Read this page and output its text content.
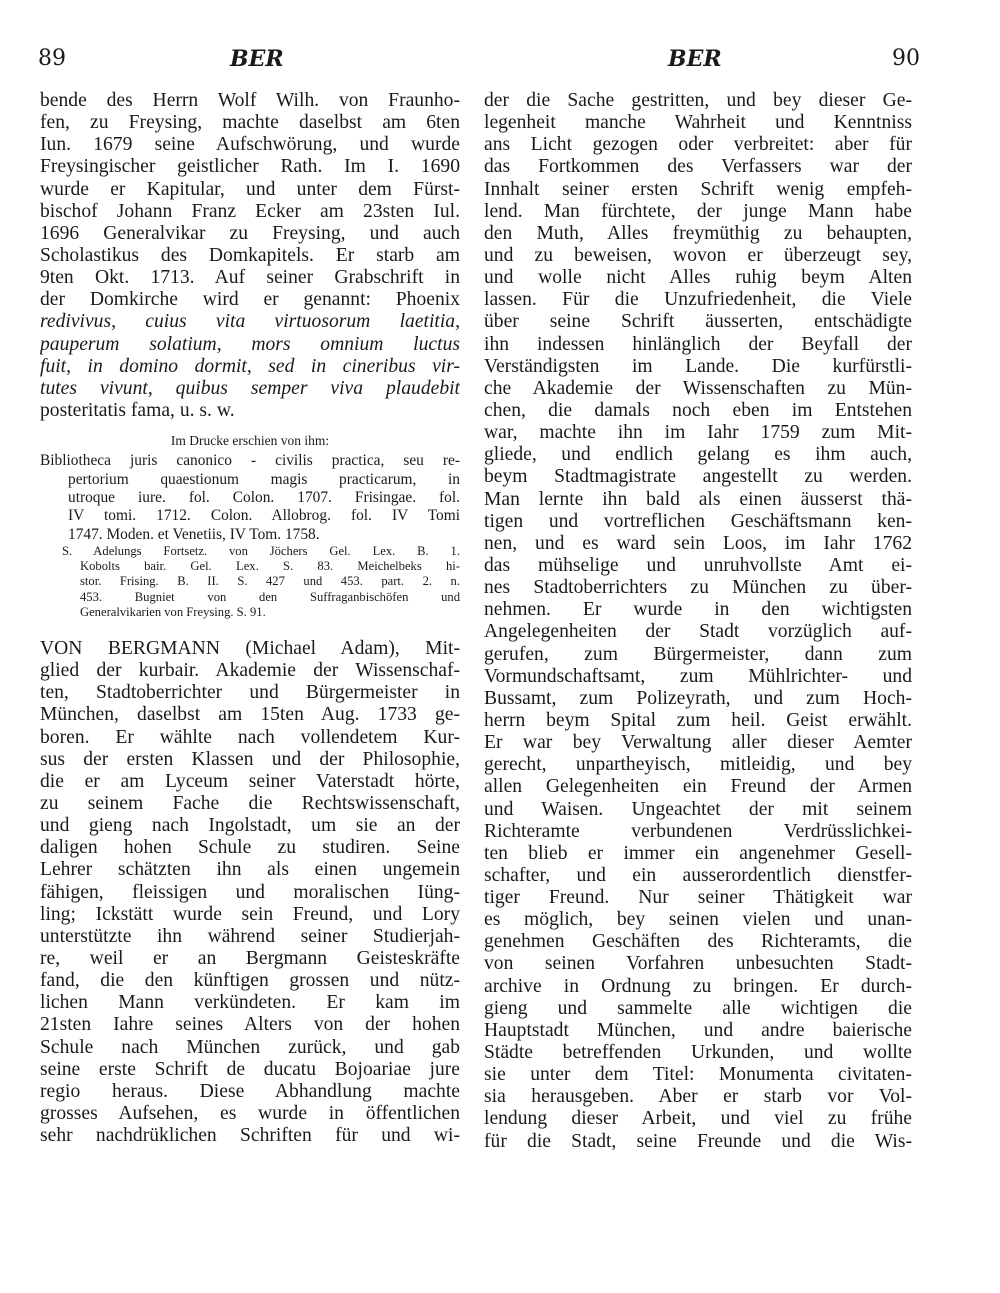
89	BER	BER	90
bende des Herrn Wolf Wilh. von Fraunho-
fen, zu Freysing, machte daselbst am 6ten
Iun. 1679 seine Aufschwörung, und wurde
Freysingischer geistlicher Rath. Im I. 1690
wurde er Kapitular, und unter dem Fürst-
bischof Johann Franz Ecker am 23sten Iul.
1696 Generalvikar zu Freysing, und auch
Scholastikus des Domkapitels. Er starb am
9ten Okt. 1713. Auf seiner Grabschrift in
der Domkirche wird er genannt: Phoenix
redivivus, cuius vita virtuosorum laetitia,
pauperum solatium, mors omnium luctus
fuit, in domino dormit, sed in cineribus vir-
tutes vivunt, quibus semper viva plaudebit
posteritatis fama, u. s. w.
Im Drucke erschien von ihm:
Bibliotheca juris canonico - civilis practica, seu re-
pertorium quaestionum magis practicarum, in
utroque iure. fol. Colon. 1707. Frisingae. fol.
IV tomi. 1712. Colon. Allobrog. fol. IV Tomi
1747. Moden. et Venetiis, IV Tom. 1758.
S. Adelungs Fortsetz. von Jöchers Gel. Lex. B. 1.
Kobolts bair. Gel. Lex. S. 83. Meichelbeks hi-
stor. Frising. B. II. S. 427 und 453. part. 2. n.
453. Bugniet von den Suffraganbischöfen und
Generalvikarien von Freysing. S. 91.
VON BERGMANN (Michael Adam), Mit-
glied der kurbair. Akademie der Wissenschaf-
ten, Stadtoberrichter und Bürgermeister in
München, daselbst am 15ten Aug. 1733 ge-
boren. Er wählte nach vollendetem Kur-
sus der ersten Klassen und der Philosophie,
die er am Lyceum seiner Vaterstadt hörte,
zu seinem Fache die Rechtswissenschaft,
und gieng nach Ingolstadt, um sie an der
daligen hohen Schule zu studiren. Seine
Lehrer schätzten ihn als einen ungemein
fähigen, fleissigen und moralischen Iüng-
ling; Ickstätt wurde sein Freund, und Lory
unterstützte ihn während seiner Studierjah-
re, weil er an Bergmann Geisteskräfte
fand, die den künftigen grossen und nütz-
lichen Mann verkündeten. Er kam im
21sten Iahre seines Alters von der hohen
Schule nach München zurück, und gab
seine erste Schrift de ducatu Bojoariae jure
regio heraus. Diese Abhandlung machte
grosses Aufsehen, es wurde in öffentlichen
sehr nachdrüklichen Schriften für und wi-
der die Sache gestritten, und bey dieser Ge-
legenheit manche Wahrheit und Kenntniss
ans Licht gezogen oder verbreitet: aber für
das Fortkommen des Verfassers war der
Innhalt seiner ersten Schrift wenig empfeh-
lend. Man fürchtete, der junge Mann habe
den Muth, Alles freymüthig zu behaupten,
und zu beweisen, wovon er überzeugt sey,
und wolle nicht Alles ruhig beym Alten
lassen. Für die Unzufriedenheit, die Viele
über seine Schrift äusserten, entschädigte
ihn indessen hinlänglich der Beyfall der
Verständigsten im Lande. Die kurfürstli-
che Akademie der Wissenschaften zu Mün-
chen, die damals noch eben im Entstehen
war, machte ihn im Iahr 1759 zum Mit-
gliede, und endlich gelang es ihm auch,
beym Stadtmagistrate angestellt zu werden.
Man lernte ihn bald als einen äusserst thä-
tigen und vortreflichen Geschäftsmann ken-
nen, und es ward sein Loos, im Iahr 1762
das mühselige und unruhvollste Amt ei-
nes Stadtoberrichters zu München zu über-
nehmen. Er wurde in den wichtigsten
Angelegenheiten der Stadt vorzüglich auf-
gerufen, zum Bürgermeister, dann zum
Vormundschaftsamt, zum Mühlrichter- und
Bussamt, zum Polizeyrath, und zum Hoch-
herrn beym Spital zum heil. Geist erwählt.
Er war bey Verwaltung aller dieser Aemter
gerecht, unpartheyisch, mitleidig, und bey
allen Gelegenheiten ein Freund der Armen
und Waisen. Ungeachtet der mit seinem
Richteramte verbundenen Verdrüsslichkei-
ten blieb er immer ein angenehmer Gesell-
schafter, und ein ausserordentlich dienstfer-
tiger Freund. Nur seiner Thätigkeit war
es möglich, bey seinen vielen und unan-
genehmen Geschäften des Richteramts, die
von seinen Vorfahren unbesuchten Stadt-
archive in Ordnung zu bringen. Er durch-
gieng und sammelte alle wichtigen die
Hauptstadt München, und andre baierische
Städte betreffenden Urkunden, und wollte
sie unter dem Titel: Monumenta civitaten-
sia herausgeben. Aber er starb vor Vol-
lendung dieser Arbeit, und viel zu frühe
für die Stadt, seine Freunde und die Wis-
